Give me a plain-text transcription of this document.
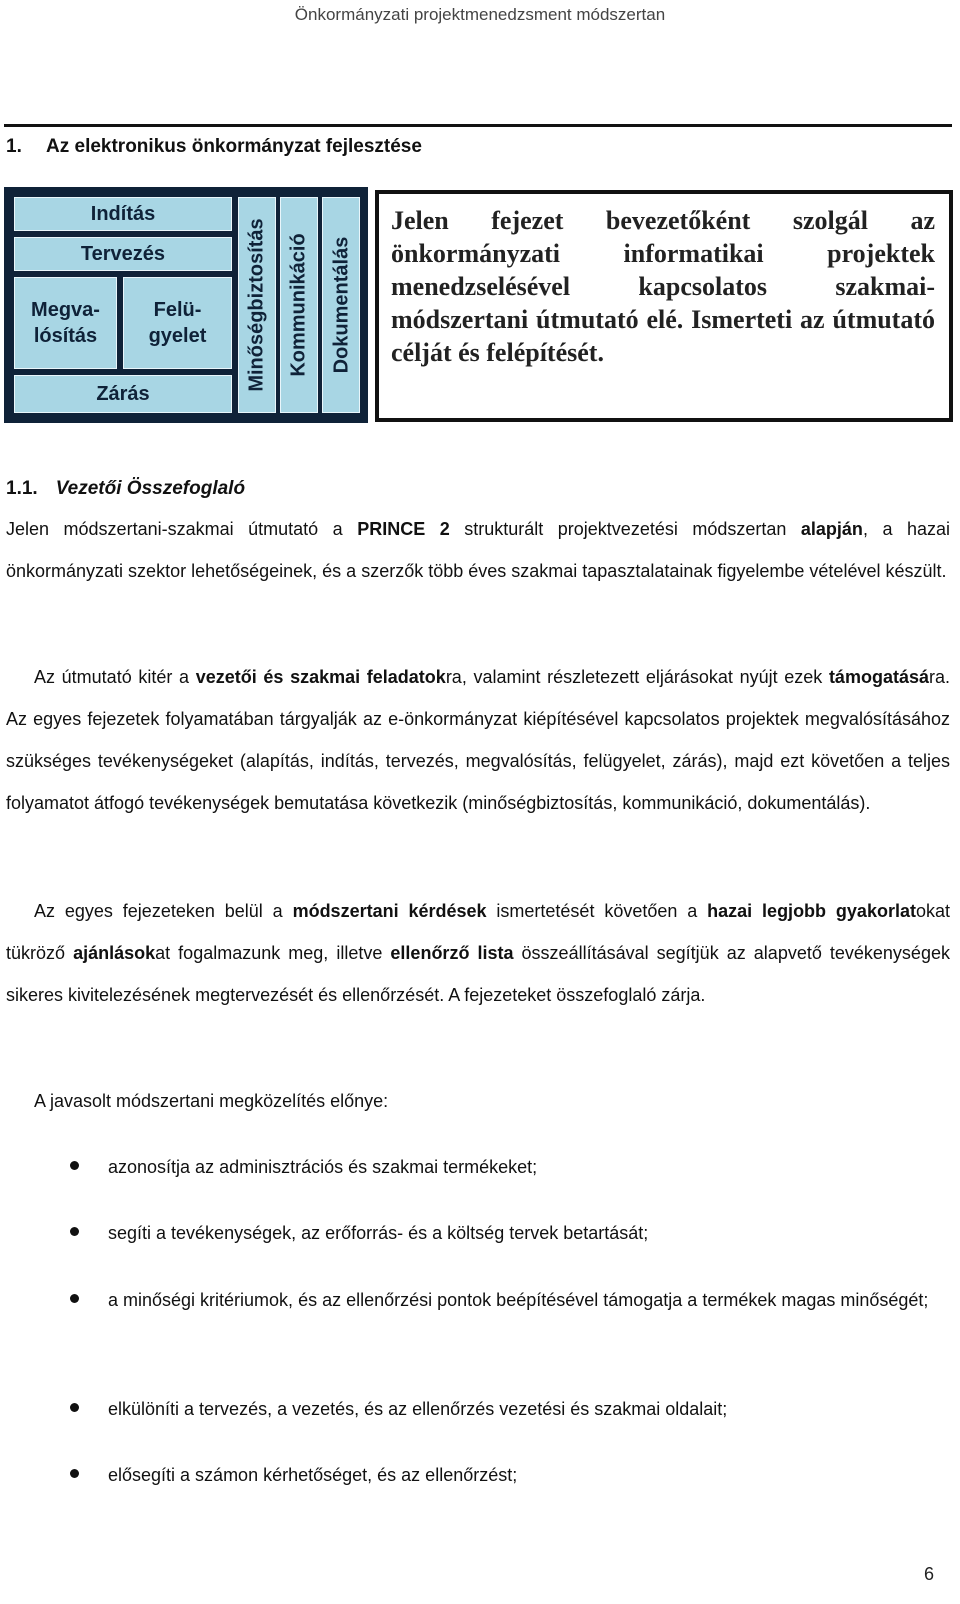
Önkormányzati projektmenedzsment módszertan
1. Az elektronikus önkormányzat fejlesztése
Indítás
Tervezés
Megva-
lósítás
Felü-
gyelet
Zárás
Minőségbiztosítás Kommunikáció Dokumentálás

Jelen fejezet bevezetőként szolgál az önkormányzati informatikai projektek menedzselésével kapcsolatos szakmai-módszertani útmutató elé. Ismerteti az útmutató célját és felépítését.

1.1. Vezetői Összefoglaló

Jelen módszertani-szakmai útmutató a PRINCE 2 strukturált projektvezetési módszertan alapján, a hazai önkormányzati szektor lehetőségeinek, és a szerzők több éves szakmai tapasztalatainak figyelembe vételével készült.

Az útmutató kitér a vezetői és szakmai feladatokra, valamint részletezett eljárásokat nyújt ezek támogatására. Az egyes fejezetek folyamatában tárgyalják az e-önkormányzat kiépítésével kapcsolatos projektek megvalósításához szükséges tevékenységeket (alapítás, indítás, tervezés, megvalósítás, felügyelet, zárás), majd ezt követően a teljes folyamatot átfogó tevékenységek bemutatása következik (minőségbiztosítás, kommunikáció, dokumentálás).

Az egyes fejezeteken belül a módszertani kérdések ismertetését követően a hazai legjobb gyakorlatokat tükröző ajánlásokat fogalmazunk meg, illetve ellenőrző lista összeállításával segítjük az alapvető tevékenységek sikeres kivitelezésének megtervezését és ellenőrzését. A fejezeteket összefoglaló zárja.

A javasolt módszertani megközelítés előnye:

azonosítja az adminisztrációs és szakmai termékeket;
segíti a tevékenységek, az erőforrás- és a költség tervek betartását;
a minőségi kritériumok, és az ellenőrzési pontok beépítésével támogatja a termékek magas minőségét;
elkülöníti a tervezés, a vezetés, és az ellenőrzés vezetési és szakmai oldalait;
elősegíti a számon kérhetőséget, és az ellenőrzést;
6
